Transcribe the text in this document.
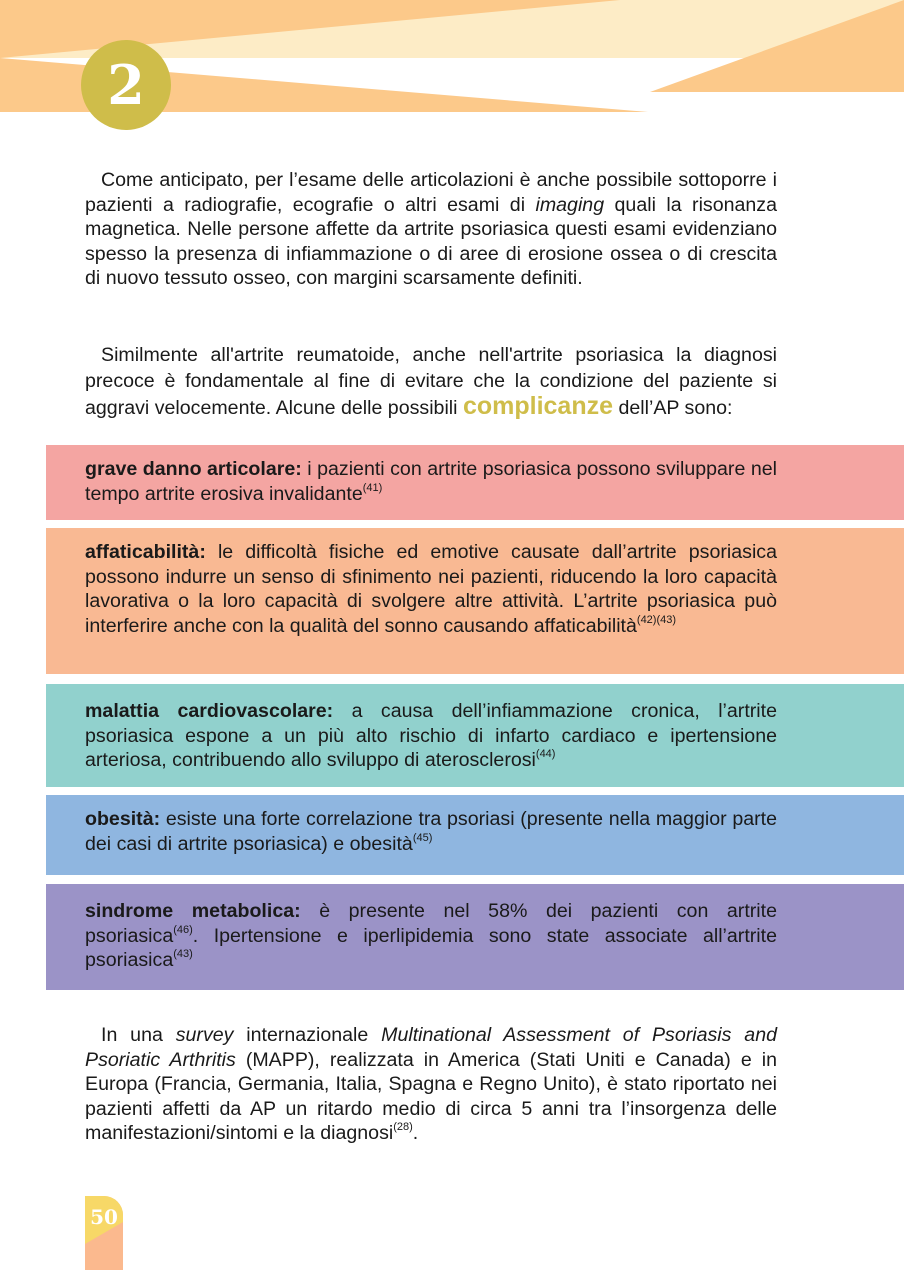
2

Come anticipato, per l’esame delle articolazioni è anche possibile sottoporre i pazienti a radiografie, ecografie o altri esami di imaging quali la risonanza magnetica. Nelle persone affette da artrite psoriasica questi esami evidenziano spesso la presenza di infiammazione o di aree di erosione ossea o di crescita di nuovo tessuto osseo, con margini scarsamente definiti.

Similmente all'artrite reumatoide, anche nell'artrite psoriasica la diagnosi precoce è fondamentale al fine di evitare che la condizione del paziente si aggravi velocemente. Alcune delle possibili complicanze dell’AP sono:

grave danno articolare: i pazienti con artrite psoriasica possono sviluppare nel tempo artrite erosiva invalidante$^{(41)}$

affaticabilità: le difficoltà fisiche ed emotive causate dall’artrite psoriasica possono indurre un senso di sfinimento nei pazienti, riducendo la loro capacità lavorativa o la loro capacità di svolgere altre attività. L’artrite psoriasica può interferire anche con la qualità del sonno causando affaticabilità$^{(42)(43)}$

malattia cardiovascolare: a causa dell’infiammazione cronica, l’artrite psoriasica espone a un più alto rischio di infarto cardiaco e ipertensione arteriosa, contribuendo allo sviluppo di aterosclerosi$^{(44)}$

obesità: esiste una forte correlazione tra psoriasi (presente nella maggior parte dei casi di artrite psoriasica) e obesità$^{(45)}$

sindrome metabolica: è presente nel 58% dei pazienti con artrite psoriasica$^{(46)}$. Ipertensione e iperlipidemia sono state associate all’artrite psoriasica$^{(43)}$

In una survey internazionale Multinational Assessment of Psoriasis and Psoriatic Arthritis (MAPP), realizzata in America (Stati Uniti e Canada) e in Europa (Francia, Germania, Italia, Spagna e Regno Unito), è stato riportato nei pazienti affetti da AP un ritardo medio di circa 5 anni tra l’insorgenza delle manifestazioni/sintomi e la diagnosi$^{(28)}$.

50
